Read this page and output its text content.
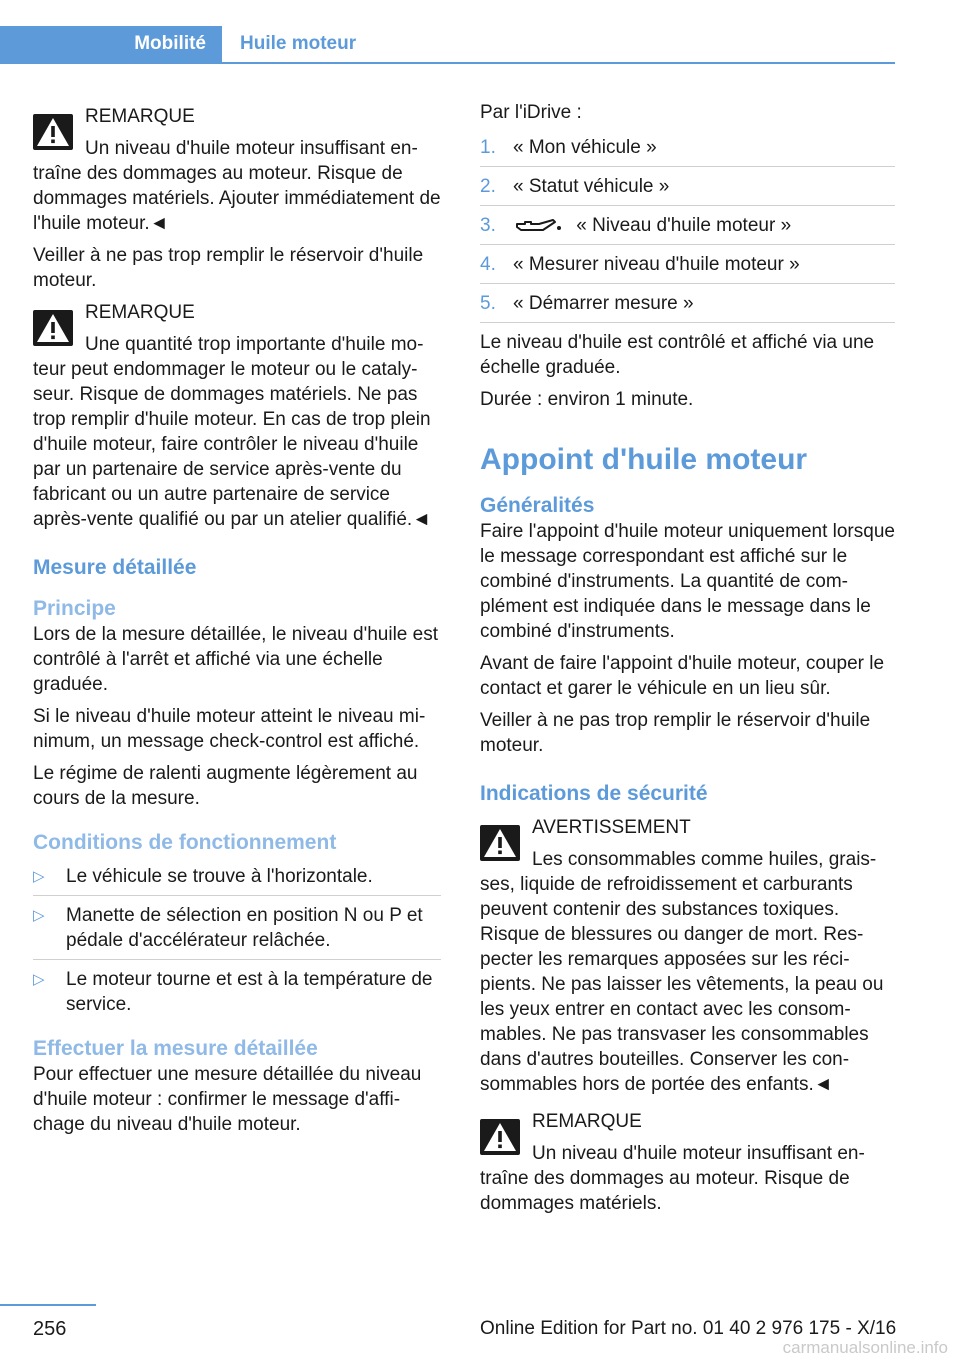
Mobilité	Huile moteur
REMARQUE
Un niveau d'huile moteur insuffisant entraîne des dommages au moteur. Risque de dommages matériels. Ajouter immédiatement de l'huile moteur.◄

Veiller à ne pas trop remplir le réservoir d'huile moteur.

REMARQUE
Une quantité trop importante d'huile moteur peut endommager le moteur ou le catalyseur. Risque de dommages matériels. Ne pas trop remplir d'huile moteur. En cas de trop plein d'huile moteur, faire contrôler le niveau d'huile par un partenaire de service après-vente du fabricant ou un autre partenaire de service après-vente qualifié ou par un atelier qualifié.◄
Mesure détaillée
Principe

Lors de la mesure détaillée, le niveau d'huile est contrôlé à l'arrêt et affiché via une échelle graduée.

Si le niveau d'huile moteur atteint le niveau minimum, un message check-control est affiché.

Le régime de ralenti augmente légèrement au cours de la mesure.

Conditions de fonctionnement
▷ Le véhicule se trouve à l'horizontale.
▷ Manette de sélection en position N ou P et pédale d'accélérateur relâchée.
▷ Le moteur tourne et est à la température de service.
Effectuer la mesure détaillée

Pour effectuer une mesure détaillée du niveau d'huile moteur : confirmer le message d'affichage du niveau d'huile moteur.

Par l'iDrive :

1. « Mon véhicule »
2. « Statut véhicule »
3.	« Niveau d'huile moteur »
4. « Mesurer niveau d'huile moteur »
5. « Démarrer mesure »

Le niveau d'huile est contrôlé et affiché via une échelle graduée.

Durée : environ 1 minute.

Appoint d'huile moteur
Généralités

Faire l'appoint d'huile moteur uniquement lorsque le message correspondant est affiché sur le combiné d'instruments. La quantité de complément est indiquée dans le message dans le combiné d'instruments.

Avant de faire l'appoint d'huile moteur, couper le contact et garer le véhicule en un lieu sûr.

Veiller à ne pas trop remplir le réservoir d'huile moteur.

Indications de sécurité
AVERTISSEMENT
Les consommables comme huiles, graisses, liquide de refroidissement et carburants peuvent contenir des substances toxiques. Risque de blessures ou danger de mort. Respecter les remarques apposées sur les récipients. Ne pas laisser les vêtements, la peau ou les yeux entrer en contact avec les consommables. Ne pas transvaser les consommables dans d'autres bouteilles. Conserver les consommables hors de portée des enfants.◄
REMARQUE
Un niveau d'huile moteur insuffisant entraîne des dommages au moteur. Risque de dommages matériels.
256	Online Edition for Part no. 01 40 2 976 175 - X/16
carmanualsonline.info
